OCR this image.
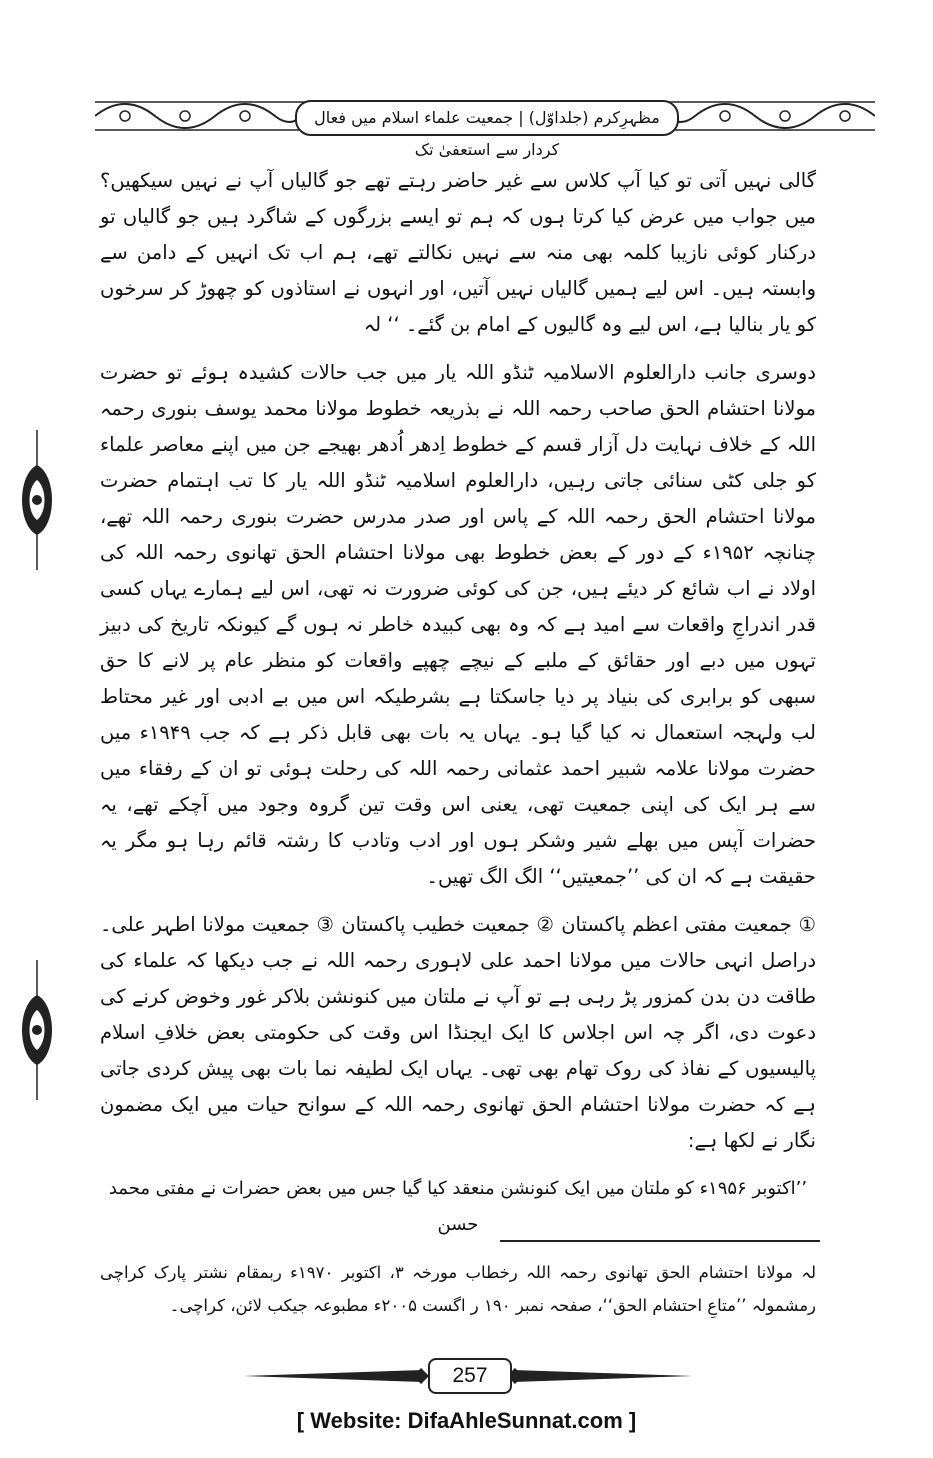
مظہرِکرم (جلداوّل) | جمعیت علماء اسلام میں فعال کردار سے استعفیٰ تک

گالی نہیں آتی تو کیا آپ کلاس سے غیر حاضر رہتے تھے جو گالیاں آپ نے نہیں سیکھیں؟ میں جواب میں عرض کیا کرتا ہوں کہ ہم تو ایسے بزرگوں کے شاگرد ہیں جو گالیاں تو درکنار کوئی نازیبا کلمہ بھی منہ سے نہیں نکالتے تھے، ہم اب تک انہیں کے دامن سے وابستہ ہیں۔ اس لیے ہمیں گالیاں نہیں آتیں، اور انہوں نے استاذوں کو چھوڑ کر سرخوں کو یار بنالیا ہے، اس لیے وہ گالیوں کے امام بن گئے۔ ‘‘ لہ

دوسری جانب دارالعلوم الاسلامیہ ٹنڈو اللہ یار میں جب حالات کشیدہ ہوئے تو حضرت مولانا احتشام الحق صاحب رحمہ اللہ نے بذریعہ خطوط مولانا محمد یوسف بنوری رحمہ اللہ کے خلاف نہایت دل آزار قسم کے خطوط اِدھر اُدھر بھیجے جن میں اپنے معاصر علماء کو جلی کٹی سنائی جاتی رہیں، دارالعلوم اسلامیہ ٹنڈو اللہ یار کا تب اہتمام حضرت مولانا احتشام الحق رحمہ اللہ کے پاس اور صدر مدرس حضرت بنوری رحمہ اللہ تھے، چنانچہ ۱۹۵۲ء کے دور کے بعض خطوط بھی مولانا احتشام الحق تھانوی رحمہ اللہ کی اولاد نے اب شائع کر دیئے ہیں، جن کی کوئی ضرورت نہ تھی، اس لیے ہمارے یہاں کسی قدر اندراجِ واقعات سے امید ہے کہ وہ بھی کبیدہ خاطر نہ ہوں گے کیونکہ تاریخ کی دبیز تہوں میں دبے اور حقائق کے ملبے کے نیچے چھپے واقعات کو منظر عام پر لانے کا حق سبھی کو برابری کی بنیاد پر دیا جاسکتا ہے بشرطیکہ اس میں بے ادبی اور غیر محتاط لب ولہجہ استعمال نہ کیا گیا ہو۔ یہاں یہ بات بھی قابل ذکر ہے کہ جب ۱۹۴۹ء میں حضرت مولانا علامہ شبیر احمد عثمانی رحمہ اللہ کی رحلت ہوئی تو ان کے رفقاء میں سے ہر ایک کی اپنی جمعیت تھی، یعنی اس وقت تین گروہ وجود میں آچکے تھے، یہ حضرات آپس میں بھلے شیر وشکر ہوں اور ادب وتادب کا رشتہ قائم رہا ہو مگر یہ حقیقت ہے کہ ان کی ’’جمعیتیں‘‘ الگ الگ تھیں۔

① جمعیت مفتی اعظم پاکستان ② جمعیت خطیب پاکستان ③ جمعیت مولانا اطہر علی۔ دراصل انہی حالات میں مولانا احمد علی لاہوری رحمہ اللہ نے جب دیکھا کہ علماء کی طاقت دن بدن کمزور پڑ رہی ہے تو آپ نے ملتان میں کنونشن بلاکر غور وخوض کرنے کی دعوت دی، اگر چہ اس اجلاس کا ایک ایجنڈا اس وقت کی حکومتی بعض خلافِ اسلام پالیسیوں کے نفاذ کی روک تھام بھی تھی۔ یہاں ایک لطیفہ نما بات بھی پیش کردی جاتی ہے کہ حضرت مولانا احتشام الحق تھانوی رحمہ اللہ کے سوانح حیات میں ایک مضمون نگار نے لکھا ہے:

’’اکتوبر ۱۹۵۶ء کو ملتان میں ایک کنونشن منعقد کیا گیا جس میں بعض حضرات نے مفتی محمد حسن

لہ مولانا احتشام الحق تھانوی رحمہ اللہ رخطاب مورخہ ۳، اکتوبر ۱۹۷۰ء ربمقام نشتر پارک کراچی رمشمولہ ’’متاعِ احتشام الحق‘‘، صفحہ نمبر ۱۹۰ ر اگست ۲۰۰۵ء مطبوعہ جیکب لائن، کراچی۔
257
[ Website: DifaAhleSunnat.com ]
